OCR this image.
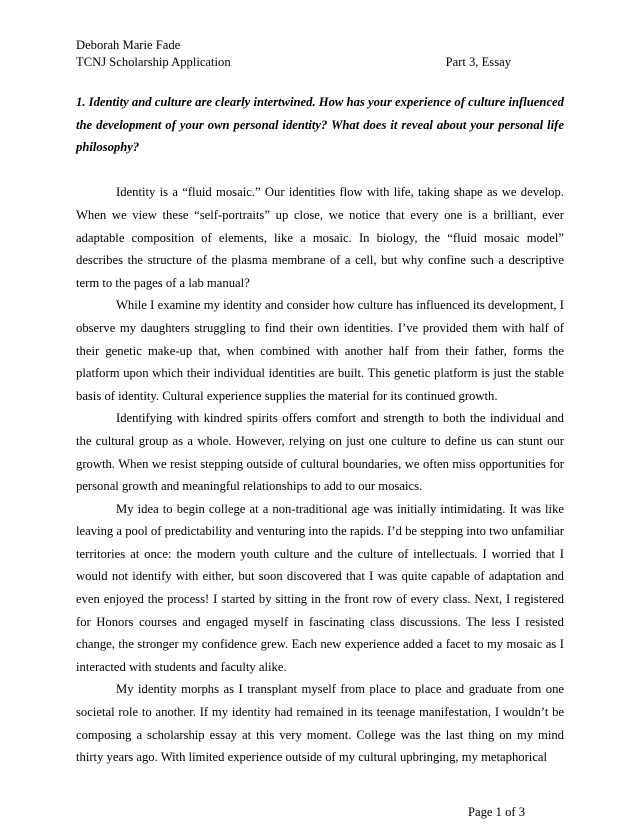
Deborah Marie Fade
TCNJ Scholarship Application	Part 3, Essay

1. Identity and culture are clearly intertwined. How has your experience of culture influenced the development of your own personal identity? What does it reveal about your personal life philosophy?

Identity is a “fluid mosaic.” Our identities flow with life, taking shape as we develop. When we view these “self-portraits” up close, we notice that every one is a brilliant, ever adaptable composition of elements, like a mosaic. In biology, the “fluid mosaic model” describes the structure of the plasma membrane of a cell, but why confine such a descriptive term to the pages of a lab manual?

While I examine my identity and consider how culture has influenced its development, I observe my daughters struggling to find their own identities. I’ve provided them with half of their genetic make-up that, when combined with another half from their father, forms the platform upon which their individual identities are built. This genetic platform is just the stable basis of identity. Cultural experience supplies the material for its continued growth.

Identifying with kindred spirits offers comfort and strength to both the individual and the cultural group as a whole. However, relying on just one culture to define us can stunt our growth. When we resist stepping outside of cultural boundaries, we often miss opportunities for personal growth and meaningful relationships to add to our mosaics.

My idea to begin college at a non-traditional age was initially intimidating. It was like leaving a pool of predictability and venturing into the rapids. I’d be stepping into two unfamiliar territories at once: the modern youth culture and the culture of intellectuals. I worried that I would not identify with either, but soon discovered that I was quite capable of adaptation and even enjoyed the process! I started by sitting in the front row of every class. Next, I registered for Honors courses and engaged myself in fascinating class discussions. The less I resisted change, the stronger my confidence grew. Each new experience added a facet to my mosaic as I interacted with students and faculty alike.

My identity morphs as I transplant myself from place to place and graduate from one societal role to another. If my identity had remained in its teenage manifestation, I wouldn’t be composing a scholarship essay at this very moment. College was the last thing on my mind thirty years ago. With limited experience outside of my cultural upbringing, my metaphorical

Page 1 of 3
